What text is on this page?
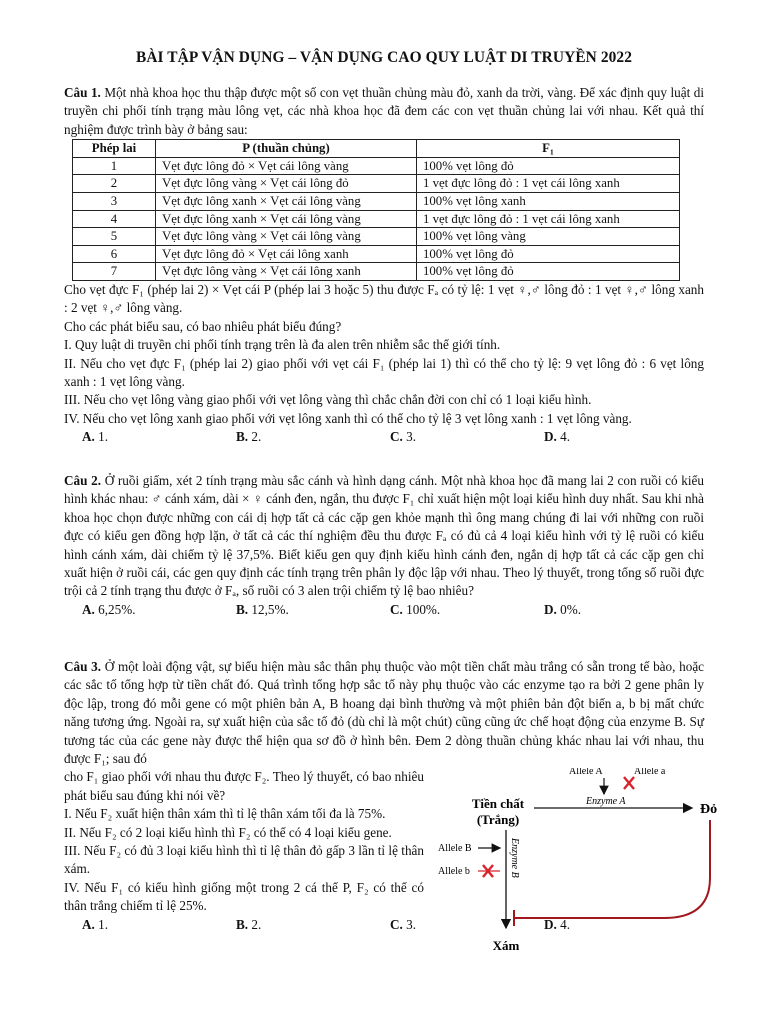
BÀI TẬP VẬN DỤNG – VẬN DỤNG CAO QUY LUẬT DI TRUYỀN 2022

Câu 1. Một nhà khoa học thu thập được một số con vẹt thuần chủng màu đỏ, xanh da trời, vàng. Để xác định quy luật di truyền chi phối tính trạng màu lông vẹt, các nhà khoa học đã đem các con vẹt thuần chủng lai với nhau. Kết quả thí nghiệm được trình bày ở bảng sau:

Phép lai	P (thuần chủng)	F₁
1	Vẹt đực lông đỏ × Vẹt cái lông vàng	100% vẹt lông đỏ
2	Vẹt đực lông vàng × Vẹt cái lông đỏ	1 vẹt đực lông đỏ : 1 vẹt cái lông xanh
3	Vẹt đực lông xanh × Vẹt cái lông vàng	100% vẹt lông xanh
4	Vẹt đực lông xanh × Vẹt cái lông vàng	1 vẹt đực lông đỏ : 1 vẹt cái lông xanh
5	Vẹt đực lông vàng × Vẹt cái lông vàng	100% vẹt lông vàng
6	Vẹt đực lông đỏ × Vẹt cái lông xanh	100% vẹt lông đỏ
7	Vẹt đực lông vàng × Vẹt cái lông xanh	100% vẹt lông đỏ

Cho vẹt đực F₁ (phép lai 2) × Vẹt cái P (phép lai 3 hoặc 5) thu được Fₐ có tỷ lệ: 1 vẹt ♀,♂ lông đỏ : 1 vẹt ♀,♂ lông xanh : 2 vẹt ♀,♂ lông vàng.

Cho các phát biểu sau, có bao nhiêu phát biểu đúng?

I. Quy luật di truyền chi phối tính trạng trên là đa alen trên nhiễm sắc thể giới tính.

II. Nếu cho vẹt đực F₁ (phép lai 2) giao phối với vẹt cái F₁ (phép lai 1) thì có thể cho tỷ lệ: 9 vẹt lông đỏ : 6 vẹt lông xanh : 1 vẹt lông vàng.

III. Nếu cho vẹt lông vàng giao phối với vẹt lông vàng thì chắc chắn đời con chỉ có 1 loại kiểu hình.

IV. Nếu cho vẹt lông xanh giao phối với vẹt lông xanh thì có thể cho tỷ lệ 3 vẹt lông xanh : 1 vẹt lông vàng.

A. 1.	B. 2.	C. 3.	D. 4.

Câu 2. Ở ruồi giấm, xét 2 tính trạng màu sắc cánh và hình dạng cánh. Một nhà khoa học đã mang lai 2 con ruồi có kiểu hình khác nhau: ♂ cánh xám, dài × ♀ cánh đen, ngắn, thu được F₁ chỉ xuất hiện một loại kiểu hình duy nhất. Sau khi nhà khoa học chọn được những con cái dị hợp tất cả các cặp gen khỏe mạnh thì ông mang chúng đi lai với những con ruồi đực có kiểu gen đồng hợp lặn, ở tất cả các thí nghiệm đều thu được Fₐ có đủ cả 4 loại kiểu hình với tỷ lệ ruồi có kiểu hình cánh xám, dài chiếm tỷ lệ 37,5%. Biết kiểu gen quy định kiểu hình cánh đen, ngắn dị hợp tất cả các cặp gen chỉ xuất hiện ở ruồi cái, các gen quy định các tính trạng trên phân ly độc lập với nhau. Theo lý thuyết, trong tổng số ruồi đực trội cả 2 tính trạng thu được ở Fₐ, số ruồi có 3 alen trội chiếm tỷ lệ bao nhiêu?

A. 6,25%.	B. 12,5%.	C. 100%.	D. 0%.

Câu 3. Ở một loài động vật, sự biểu hiện màu sắc thân phụ thuộc vào một tiền chất màu trắng có sẵn trong tế bào, hoặc các sắc tố tổng hợp từ tiền chất đó. Quá trình tổng hợp sắc tố này phụ thuộc vào các enzyme tạo ra bởi 2 gene phân ly độc lập, trong đó mỗi gene có một phiên bản A, B hoang dại bình thường và một phiên bản đột biến a, b bị mất chức năng tương ứng. Ngoài ra, sự xuất hiện của sắc tố đỏ (dù chỉ là một chút) cũng cũng ức chế hoạt động của enzyme B. Sự tương tác của các gene này được thể hiện qua sơ đồ ở hình bên. Đem 2 dòng thuần chủng khác nhau lai với nhau, thu được F₁; sau đó

cho F₁ giao phối với nhau thu được F₂. Theo lý thuyết, có bao nhiêu phát biểu sau đúng khi nói về?

I. Nếu F₂ xuất hiện thân xám thì tỉ lệ thân xám tối đa là 75%.

II. Nếu F₂ có 2 loại kiểu hình thì F₂ có thể có 4 loại kiểu gene.

III. Nếu F₂ có đủ 3 loại kiểu hình thì tỉ lệ thân đỏ gấp 3 lần tỉ lệ thân xám.

IV. Nếu F₁ có kiểu hình giống một trong 2 cá thể P, F₂ có thể có thân trắng chiếm tỉ lệ 25%.

Allele A	Allele a
Tiền chất
(Trắng)
Enzyme A
Đỏ
Enzyme B
Allele B
Allele b
Xám
A. 1.	B. 2.	C. 3.	D. 4.
